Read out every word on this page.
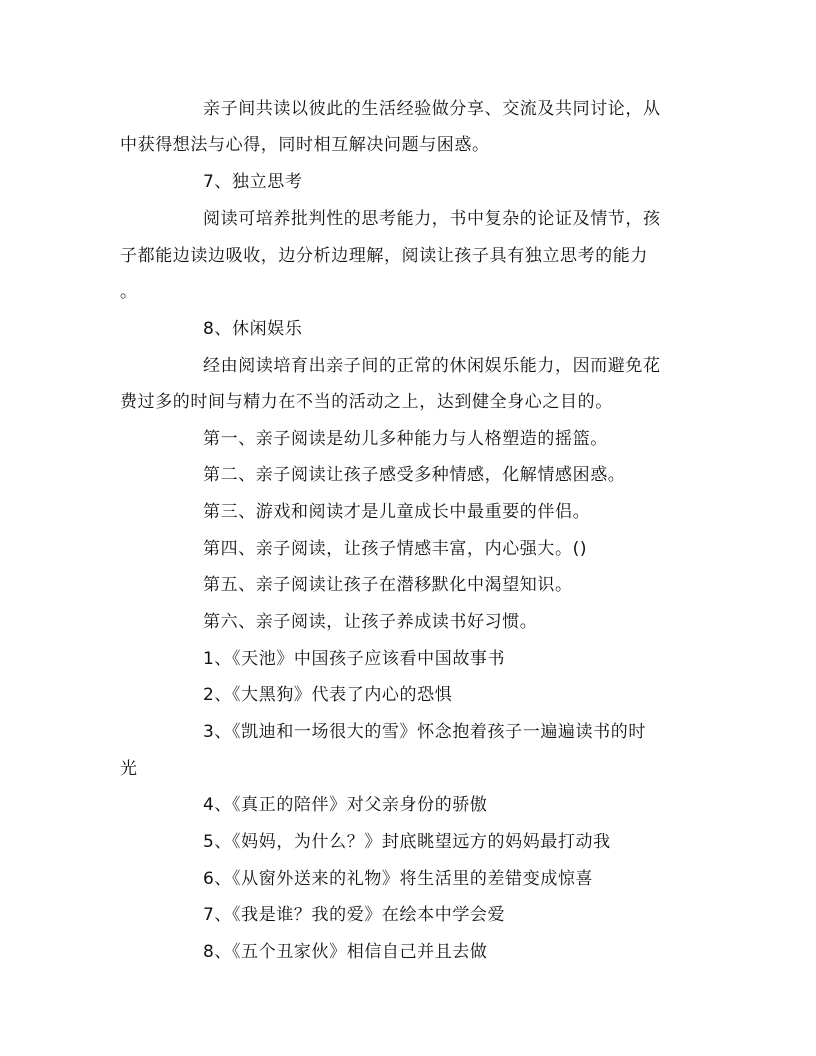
亲子间共读以彼此的生活经验做分享、交流及共同讨论，从
中获得想法与心得，同时相互解决问题与困惑。
7、独立思考
阅读可培养批判性的思考能力，书中复杂的论证及情节，孩
子都能边读边吸收，边分析边理解，阅读让孩子具有独立思考的能力
。
8、休闲娱乐
经由阅读培育出亲子间的正常的休闲娱乐能力，因而避免花
费过多的时间与精力在不当的活动之上，达到健全身心之目的。
第一、亲子阅读是幼儿多种能力与人格塑造的摇篮。
第二、亲子阅读让孩子感受多种情感，化解情感困惑。
第三、游戏和阅读才是儿童成长中最重要的伴侣。
第四、亲子阅读，让孩子情感丰富，内心强大。()
第五、亲子阅读让孩子在潜移默化中渴望知识。
第六、亲子阅读，让孩子养成读书好习惯。
1、《天池》中国孩子应该看中国故事书
2、《大黑狗》代表了内心的恐惧
3、《凯迪和一场很大的雪》怀念抱着孩子一遍遍读书的时
光
4、《真正的陪伴》对父亲身份的骄傲
5、《妈妈，为什么？》封底眺望远方的妈妈最打动我
6、《从窗外送来的礼物》将生活里的差错变成惊喜
7、《我是谁？我的爱》在绘本中学会爱
8、《五个丑家伙》相信自己并且去做
